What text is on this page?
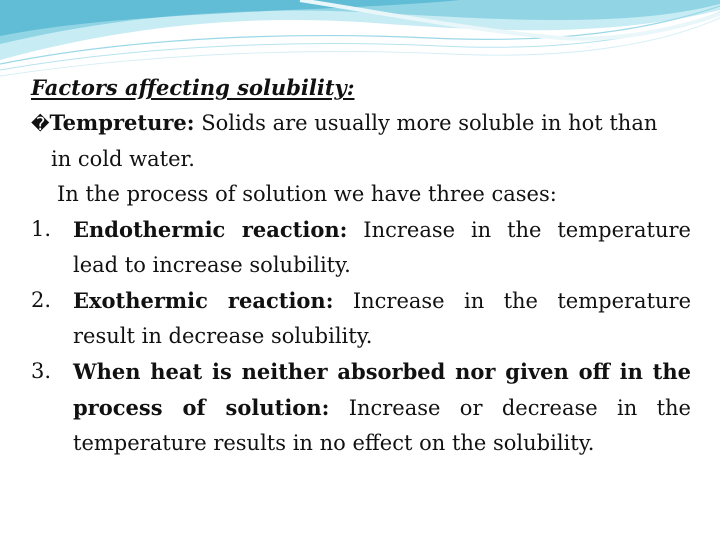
Factors affecting solubility:
�Tempreture: Solids are usually more soluble in hot than
in cold water.
In the process of solution we have three cases:
1. Endothermic reaction: Increase in the temperature lead to increase solubility.
2. Exothermic reaction: Increase in the temperature result in decrease solubility.
3. When heat is neither absorbed nor given off in the process of solution: Increase or decrease in the temperature results in no effect on the solubility.
